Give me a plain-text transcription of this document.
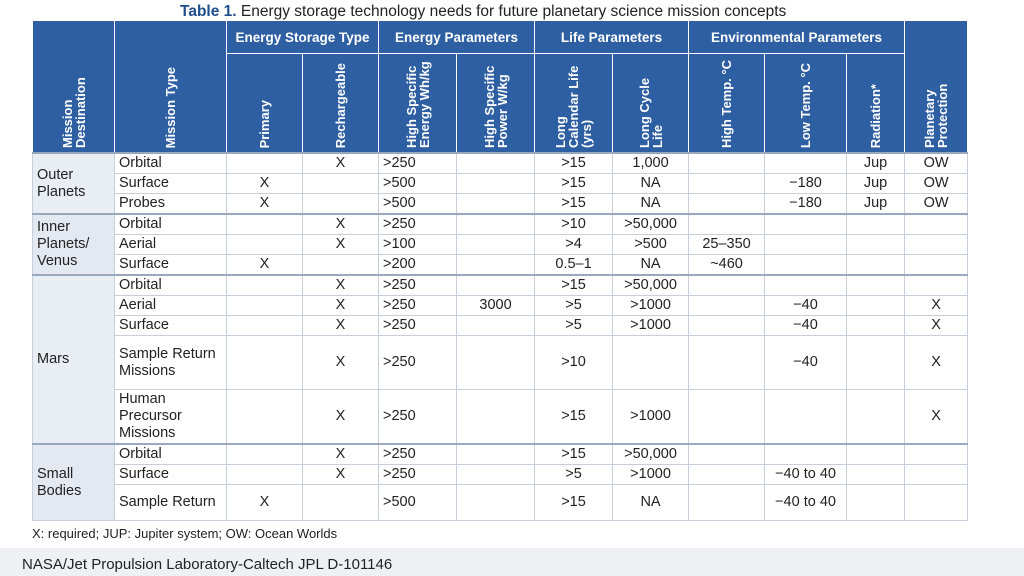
Table 1. Energy storage technology needs for future planetary science mission concepts
Mission Destination	Mission Type	Energy Storage Type		Energy Parameters		Life Parameters		Environmental Parameters			Planetary Protection

		Primary	Rechargeable	High Specific Energy Wh/kg	High Specific Power W/kg	Long Calendar Life (yrs)	Long Cycle Life	High Temp. °C	Low Temp. °C	Radiation*	

Outer Planets	Orbital		X	>250		>15	1,000			Jup	OW
	Surface	X		>500		>15	NA		−180	Jup	OW
	Probes	X		>500		>15	NA		−180	Jup	OW
Inner Planets/ Venus	Orbital		X	>250		>10	>50,000				
	Aerial		X	>100		>4	>500	25–350			
	Surface	X		>200		0.5–1	NA	~460			
Mars	Orbital		X	>250		>15	>50,000				
	Aerial		X	>250	3000	>5	>1000		−40		X
	Surface		X	>250		>5	>1000		−40		X
	Sample Return Missions		X	>250		>10			−40		X
	Human Precursor Missions		X	>250		>15	>1000				X
Small Bodies	Orbital		X	>250		>15	>50,000				
	Surface		X	>250		>5	>1000		−40 to 40		
	Sample Return	X		>500		>15	NA		−40 to 40		
X: required; JUP: Jupiter system; OW: Ocean Worlds
NASA/Jet Propulsion Laboratory-Caltech JPL D-101146
